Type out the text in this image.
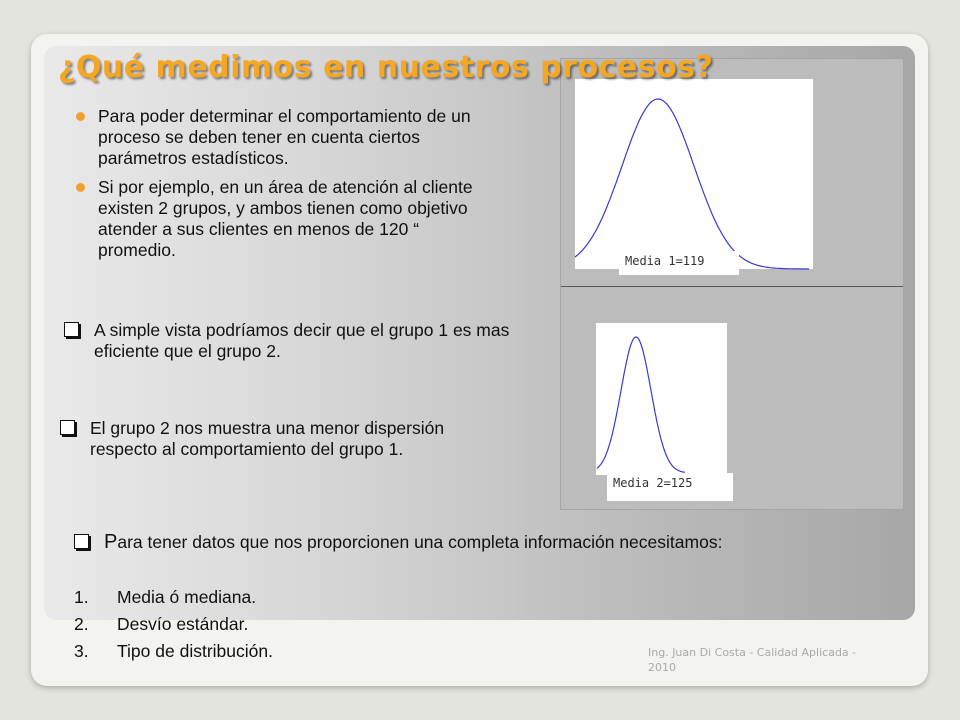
¿Qué medimos en nuestros procesos?
Para poder determinar el comportamiento de un proceso se deben tener en cuenta ciertos parámetros estadísticos.
Si por ejemplo, en un área de atención al cliente existen 2 grupos, y ambos tienen como objetivo atender a sus clientes en menos de 120 “ promedio.
A simple vista podríamos decir que el grupo 1 es mas eficiente que el grupo 2.
El grupo 2 nos muestra una menor dispersión respecto al comportamiento del grupo 1.
Para tener datos que nos proporcionen una completa información necesitamos:
1. Media ó mediana.
2. Desvío estándar.
3. Tipo de distribución.	Ing. Juan Di Costa - Calidad Aplicada - 2010
Media 1=119
Media 2=125
